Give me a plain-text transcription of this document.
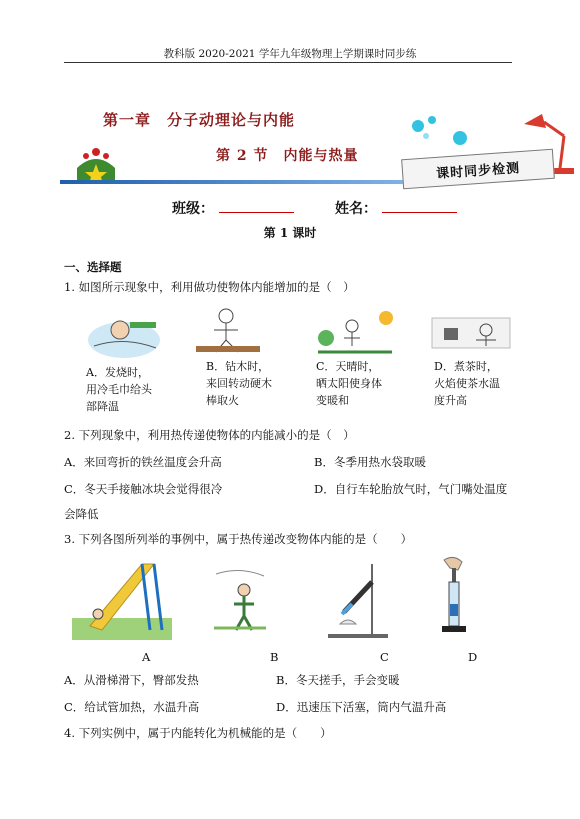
教科版 2020-2021 学年九年级物理上学期课时同步练
第一章　分子动理论与内能
第 2 节　内能与热量
课时同步检测
班级：	姓名：
第 1 课时
一、选择题
1. 如图所示现象中，利用做功使物体内能增加的是（　）
A．发烧时，
用冷毛巾给头
部降温
B．钻木时，
来回转动硬木
棒取火
C．天晴时，
晒太阳使身体
变暖和
D．煮茶时，
火焰使茶水温
度升高
2. 下列现象中，利用热传递使物体的内能减小的是（　）
A．来回弯折的铁丝温度会升高	B．冬季用热水袋取暖
C．冬天手接触冰块会觉得很冷	D．自行车轮胎放气时，气门嘴处温度
会降低
3. 下列各图所列举的事例中，属于热传递改变物体内能的是（　　）
A	B	C	D
A．从滑梯滑下，臀部发热	B．冬天搓手，手会变暖
C．给试管加热，水温升高	D．迅速压下活塞，筒内气温升高
4. 下列实例中，属于内能转化为机械能的是（　　）
